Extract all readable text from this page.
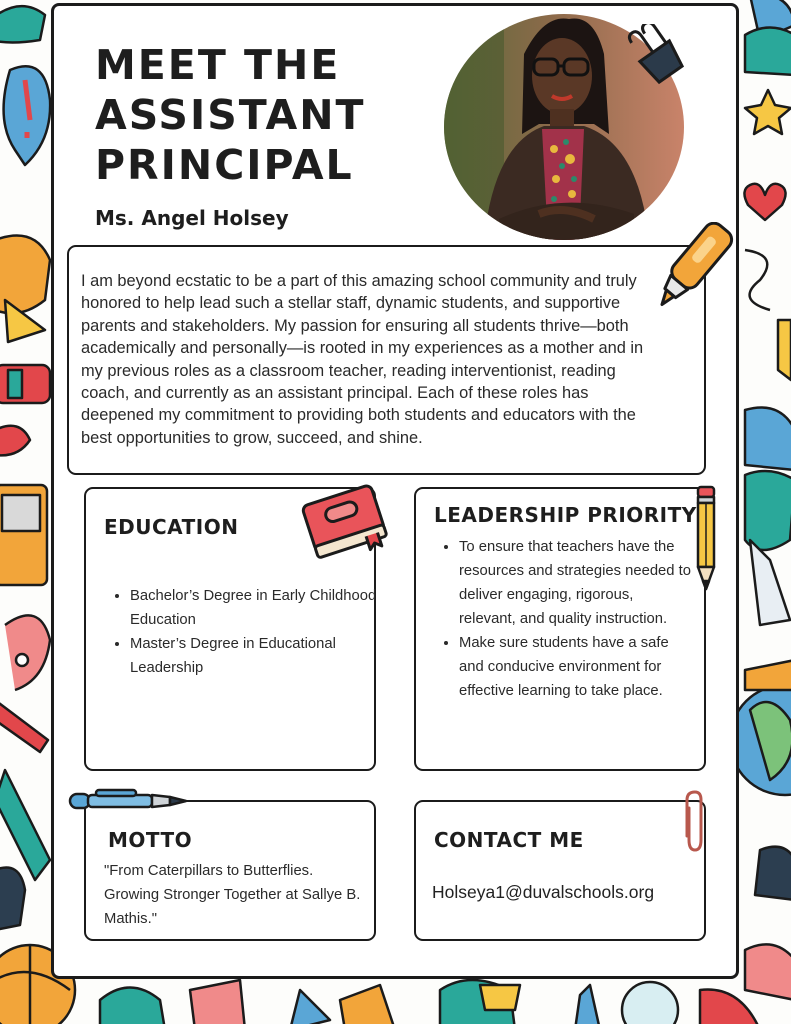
MEET THE ASSISTANT PRINCIPAL
Ms. Angel Holsey

I am beyond ecstatic to be a part of this amazing school community and truly honored to help lead such a stellar staff, dynamic students, and supportive parents and stakeholders. My passion for ensuring all students thrive—both academically and personally—is rooted in my experiences as a mother and in my previous roles as a classroom teacher, reading interventionist, reading coach, and currently as an assistant principal. Each of these roles has deepened my commitment to providing both students and educators with the best opportunities to grow, succeed, and shine.

EDUCATION
• Bachelor’s Degree in Early Childhood Education
• Master’s Degree in Educational Leadership
LEADERSHIP PRIORITY
• To ensure that teachers have the resources and strategies needed to deliver engaging, rigorous, relevant, and quality instruction.
• Make sure students have a safe and conducive environment for effective learning to take place.
MOTTO

"From Caterpillars to Butterflies. Growing Stronger Together at Sallye B. Mathis."

CONTACT ME
Holseya1@duvalschools.org
